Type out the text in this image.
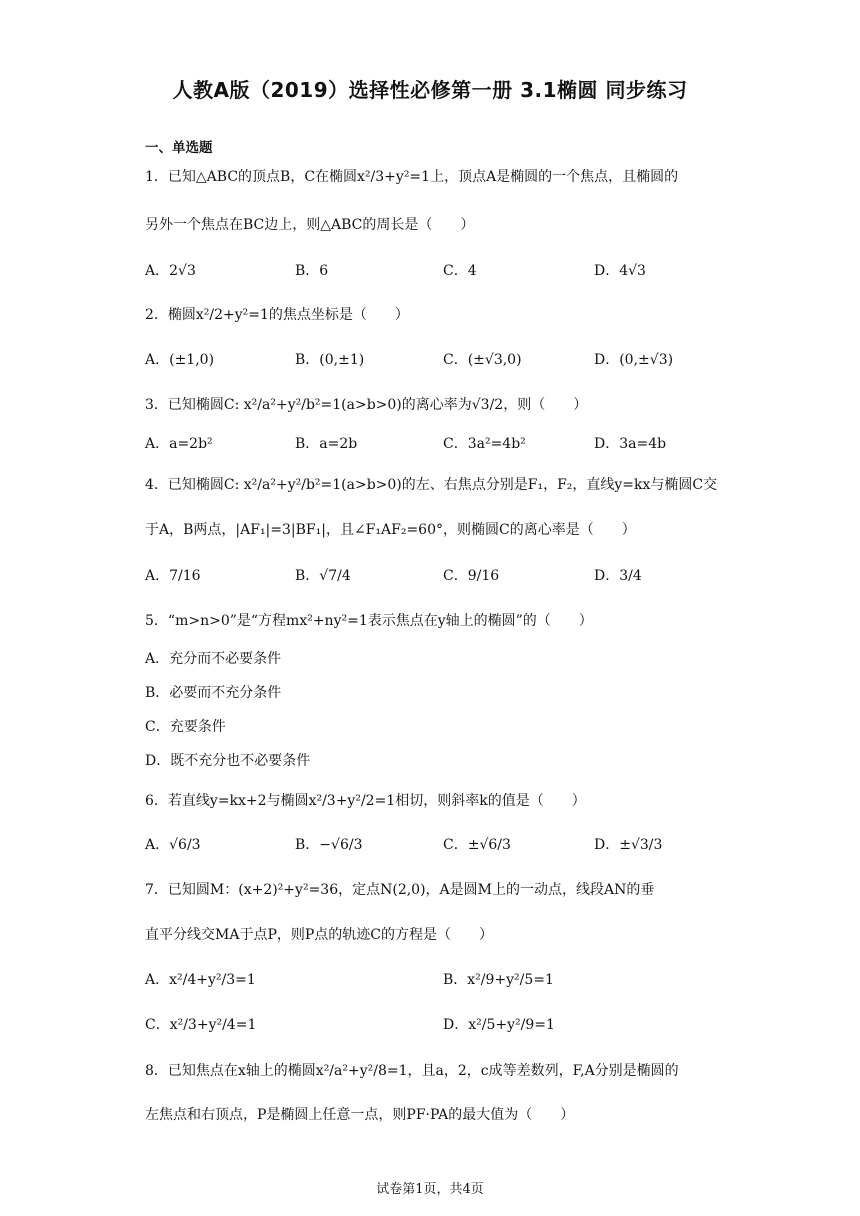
人教A版（2019）选择性必修第一册 3.1椭圆 同步练习
一、单选题
1．已知△ABC的顶点B，C在椭圆x²/3+y²=1上，顶点A是椭圆的一个焦点，且椭圆的
另外一个焦点在BC边上，则△ABC的周长是（　　）
A．2√3	B．6	C．4	D．4√3
2．椭圆x²/2+y²=1的焦点坐标是（　　）
A．(±1,0)	B．(0,±1)	C．(±√3,0)	D．(0,±√3)
3．已知椭圆C: x²/a²+y²/b²=1(a>b>0)的离心率为√3/2，则（　　）
A．a=2b²	B．a=2b	C．3a²=4b²	D．3a=4b
4．已知椭圆C: x²/a²+y²/b²=1(a>b>0)的左、右焦点分别是F₁，F₂，直线y=kx与椭圆C交
于A，B两点，|AF₁|=3|BF₁|，且∠F₁AF₂=60°，则椭圆C的离心率是（　　）
A．7/16	B．√7/4	C．9/16	D．3/4
5．“m>n>0”是“方程mx²+ny²=1表示焦点在y轴上的椭圆”的（　　）
A．充分而不必要条件
B．必要而不充分条件
C．充要条件
D．既不充分也不必要条件
6．若直线y=kx+2与椭圆x²/3+y²/2=1相切，则斜率k的值是（　　）
A．√6/3	B．−√6/3	C．±√6/3	D．±√3/3
7．已知圆M：(x+2)²+y²=36，定点N(2,0)，A是圆M上的一动点，线段AN的垂
直平分线交MA于点P，则P点的轨迹C的方程是（　　）
A．x²/4+y²/3=1	B．x²/9+y²/5=1
C．x²/3+y²/4=1	D．x²/5+y²/9=1
8．已知焦点在x轴上的椭圆x²/a²+y²/8=1，且a，2，c成等差数列，F,A分别是椭圆的
左焦点和右顶点，P是椭圆上任意一点，则PF·PA的最大值为（　　）
试卷第1页，共4页
